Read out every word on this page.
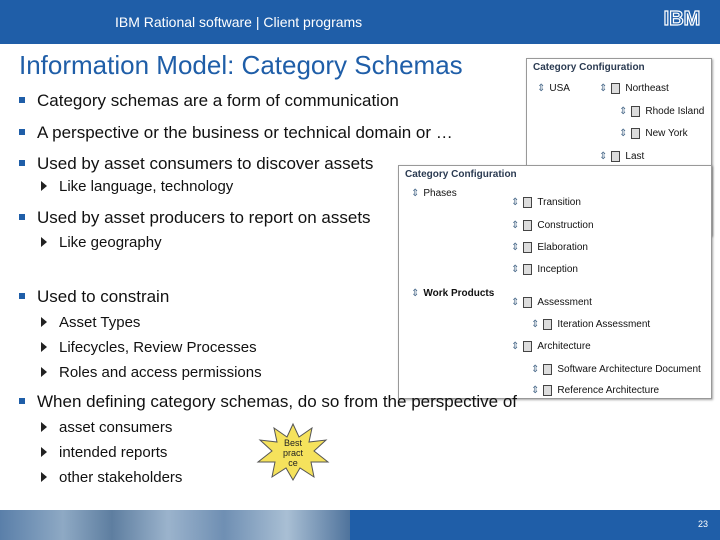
IBM Rational software | Client programs	IBM
Information Model: Category Schemas
Category schemas are a form of communication
A perspective or the business or technical domain or …
Used by asset consumers to discover assets
Like language, technology
Used by asset producers to report on assets
Like geography
Used to constrain
Asset Types
Lifecycles, Review Processes
Roles and access permissions
Category Configuration
⇕ USA	⇕ Northeast
⇕ Rhode Island
⇕ New York
⇕ Last
Category Configuration
⇕ Phases
⇕ Transition
⇕ Construction
⇕ Elaboration
⇕ Inception
⇕ Work Products
⇕ Assessment
⇕ Iteration Assessment
⇕ Architecture
⇕ Software Architecture Document
⇕ Reference Architecture
When defining category schemas, do so from the perspective of
asset consumers
intended reports
other stakeholders
Best
pract
ce
23
